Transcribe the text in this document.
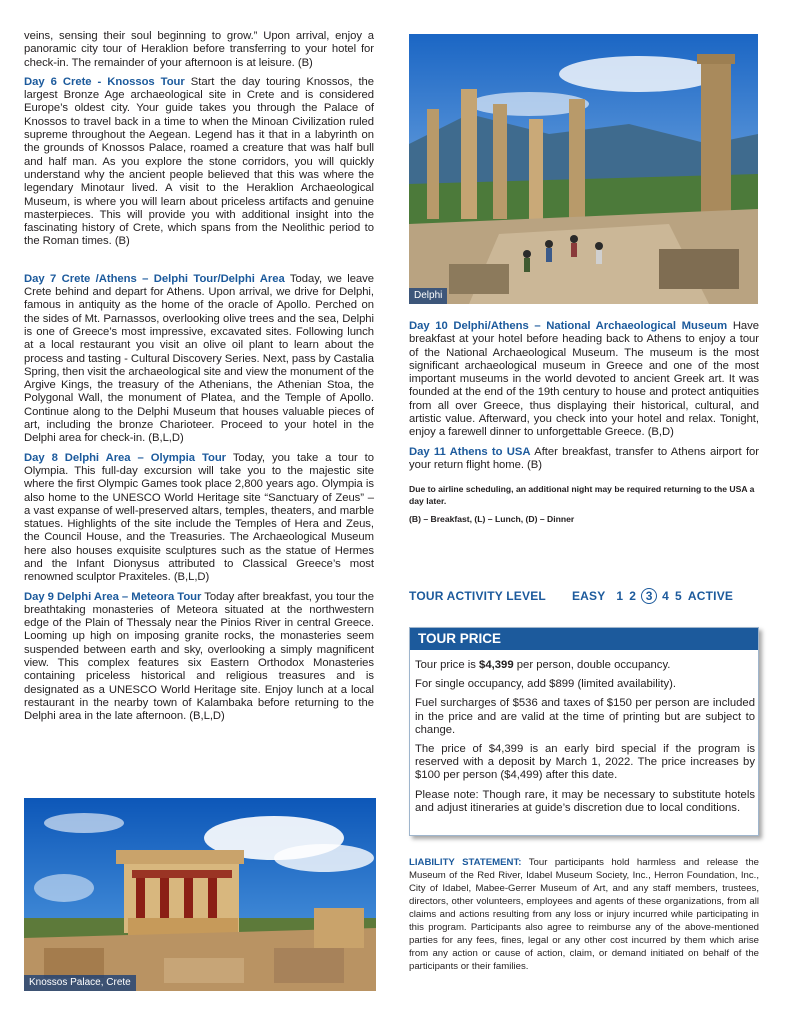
veins, sensing their soul beginning to grow.” Upon arrival, enjoy a panoramic city tour of Heraklion before transferring to your hotel for check-in. The remainder of your afternoon is at leisure. (B)

Day 6 Crete - Knossos Tour Start the day touring Knossos, the largest Bronze Age archaeological site in Crete and is considered Europe’s oldest city. Your guide takes you through the Palace of Knossos to travel back in a time to when the Minoan Civilization ruled supreme throughout the Aegean. Legend has it that in a labyrinth on the grounds of Knossos Palace, roamed a creature that was half bull and half man. As you explore the stone corridors, you will quickly understand why the ancient people believed that this was where the legendary Minotaur lived. A visit to the Heraklion Archaeological Museum, is where you will learn about priceless artifacts and genuine masterpieces. This will provide you with additional insight into the fascinating history of Crete, which spans from the Neolithic period to the Roman times. (B)

Day 7 Crete /Athens – Delphi Tour/Delphi Area Today, we leave Crete behind and depart for Athens. Upon arrival, we drive for Delphi, famous in antiquity as the home of the oracle of Apollo. Perched on the sides of Mt. Parnassos, overlooking olive trees and the sea, Delphi is one of Greece’s most impressive, excavated sites. Following lunch at a local restaurant you visit an olive oil plant to learn about the process and tasting - Cultural Discovery Series. Next, pass by Castalia Spring, then visit the archaeological site and view the monument of the Argive Kings, the treasury of the Athenians, the Athenian Stoa, the Polygonal Wall, the monument of Platea, and the Temple of Apollo. Continue along to the Delphi Museum that houses valuable pieces of art, including the bronze Charioteer. Proceed to your hotel in the Delphi area for check-in. (B,L,D)

Day 8 Delphi Area – Olympia Tour Today, you take a tour to Olympia. This full-day excursion will take you to the majestic site where the first Olympic Games took place 2,800 years ago. Olympia is also home to the UNESCO World Heritage site “Sanctuary of Zeus” – a vast expanse of well-preserved altars, temples, theaters, and marble statues. Highlights of the site include the Temples of Hera and Zeus, the Council House, and the Treasuries. The Archaeological Museum here also houses exquisite sculptures such as the statue of Hermes and the Infant Dionysus attributed to Classical Greece’s most renowned sculptor Praxiteles. (B,L,D)

Day 9 Delphi Area – Meteora Tour Today after breakfast, you tour the breathtaking monasteries of Meteora situated at the northwestern edge of the Plain of Thessaly near the Pinios River in central Greece. Looming up high on imposing granite rocks, the monasteries seem suspended between earth and sky, overlooking a simply magnificent view. This complex features six Eastern Orthodox Monasteries containing priceless historical and religious treasures and is designated as a UNESCO World Heritage site. Enjoy lunch at a local restaurant in the nearby town of Kalambaka before returning to the Delphi area in the late afternoon. (B,L,D)

Knossos Palace, Crete
Delphi

Day 10 Delphi/Athens – National Archaeological Museum Have breakfast at your hotel before heading back to Athens to enjoy a tour of the National Archaeological Museum. The museum is the most significant archaeological museum in Greece and one of the most important museums in the world devoted to ancient Greek art. It was founded at the end of the 19th century to house and protect antiquities from all over Greece, thus displaying their historical, cultural, and artistic value. Afterward, you check into your hotel and relax. Tonight, enjoy a farewell dinner to unforgettable Greece. (B,D)

Day 11 Athens to USA After breakfast, transfer to Athens airport for your return flight home. (B)

Due to airline scheduling, an additional night may be required returning to the USA a day later.

(B) – Breakfast, (L) – Lunch, (D) – Dinner

TOUR ACTIVITY LEVEL EASY 1 2 3 4 5 ACTIVE
TOUR PRICE

Tour price is $4,399 per person, double occupancy.

For single occupancy, add $899 (limited availability).

Fuel surcharges of $536 and taxes of $150 per person are included in the price and are valid at the time of printing but are subject to change.

The price of $4,399 is an early bird special if the program is reserved with a deposit by March 1, 2022. The price increases by $100 per person ($4,499) after this date.

Please note: Though rare, it may be necessary to substitute hotels and adjust itineraries at guide’s discretion due to local conditions.

LIABILITY STATEMENT: Tour participants hold harmless and release the Museum of the Red River, Idabel Museum Society, Inc., Herron Foundation, Inc., City of Idabel, Mabee-Gerrer Museum of Art, and any staff members, trustees, directors, other volunteers, employees and agents of these organizations, from all claims and actions resulting from any loss or injury incurred while participating in this program. Participants also agree to reimburse any of the above-mentioned parties for any fees, fines, legal or any other cost incurred by them which arise from any action or cause of action, claim, or demand initiated on behalf of the participants or their families.
